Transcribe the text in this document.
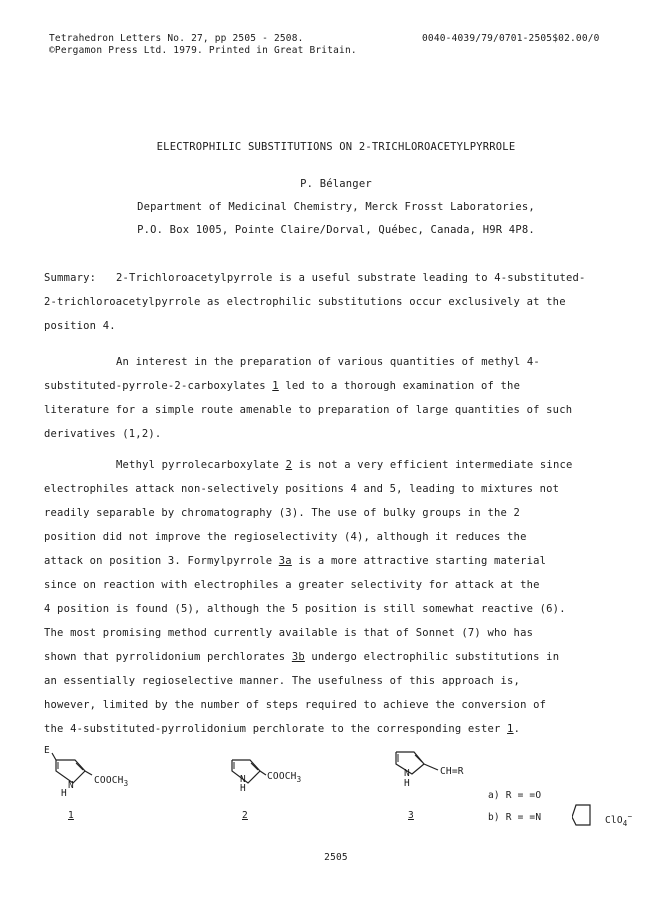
Tetrahedron Letters No. 27, pp 2505 - 2508.
©Pergamon Press Ltd. 1979. Printed in Great Britain.
0040-4039/79/0701-2505$02.00/0
ELECTROPHILIC SUBSTITUTIONS ON 2-TRICHLOROACETYLPYRROLE
P. Bélanger
Department of Medicinal Chemistry, Merck Frosst Laboratories,
P.O. Box 1005, Pointe Claire/Dorval, Québec, Canada, H9R 4P8.
Summary: 2-Trichloroacetylpyrrole is a useful substrate leading to 4-substituted-
2-trichloroacetylpyrrole as electrophilic substitutions occur exclusively at the
position 4.
An interest in the preparation of various quantities of methyl 4-
substituted-pyrrole-2-carboxylates 1 led to a thorough examination of the
literature for a simple route amenable to preparation of large quantities of such
derivatives (1,2).
Methyl pyrrolecarboxylate 2 is not a very efficient intermediate since
electrophiles attack non-selectively positions 4 and 5, leading to mixtures not
readily separable by chromatography (3). The use of bulky groups in the 2
position did not improve the regioselectivity (4), although it reduces the
attack on position 3. Formylpyrrole 3a is a more attractive starting material
since on reaction with electrophiles a greater selectivity for attack at the
4 position is found (5), although the 5 position is still somewhat reactive (6).
The most promising method currently available is that of Sonnet (7) who has
shown that pyrrolidonium perchlorates 3b undergo electrophilic substitutions in
an essentially regioselective manner. The usefulness of this approach is,
however, limited by the number of steps required to achieve the conversion of
the 4-substituted-pyrrolidonium perchlorate to the corresponding ester 1.
E
N
H
$COOCH_3$
1
N
H
$COOCH_3$
2
N
H
CH=R
3
a) R = =O
b) R = =N	ClO$_4$−
2505
